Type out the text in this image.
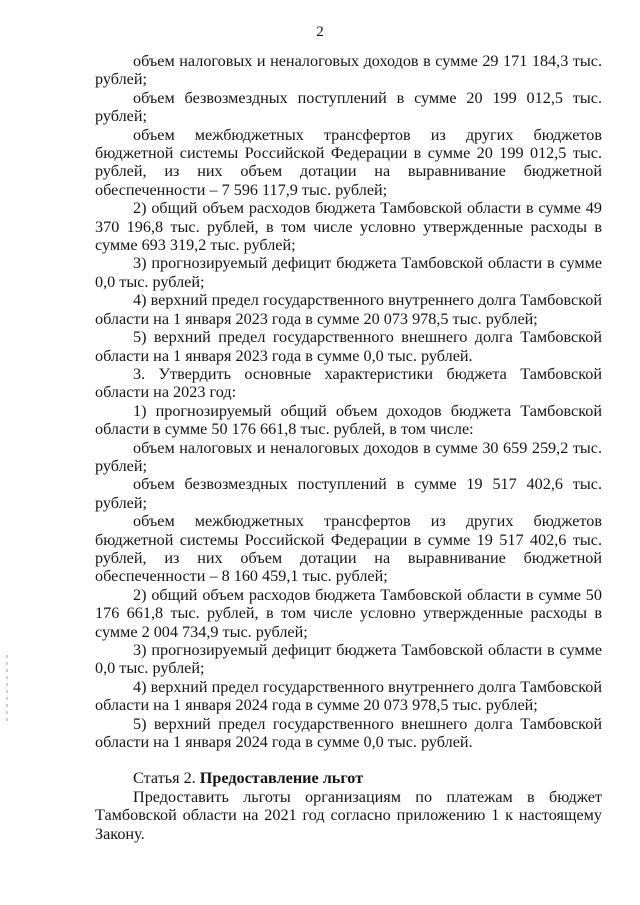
2

объем налоговых и неналоговых доходов в сумме 29 171 184,3 тыс. рублей;

объем безвозмездных поступлений в сумме 20 199 012,5 тыс. рублей;

объем межбюджетных трансфертов из других бюджетов бюджетной системы Российской Федерации в сумме 20 199 012,5 тыс. рублей, из них объем дотации на выравнивание бюджетной обеспеченности – 7 596 117,9 тыс. рублей;

2) общий объем расходов бюджета Тамбовской области в сумме 49 370 196,8 тыс. рублей, в том числе условно утвержденные расходы в сумме 693 319,2 тыс. рублей;

3) прогнозируемый дефицит бюджета Тамбовской области в сумме 0,0 тыс. рублей;

4) верхний предел государственного внутреннего долга Тамбовской области на 1 января 2023 года в сумме 20 073 978,5 тыс. рублей;

5) верхний предел государственного внешнего долга Тамбовской области на 1 января 2023 года в сумме 0,0 тыс. рублей.

3. Утвердить основные характеристики бюджета Тамбовской области на 2023 год:

1) прогнозируемый общий объем доходов бюджета Тамбовской области в сумме 50 176 661,8 тыс. рублей, в том числе:

объем налоговых и неналоговых доходов в сумме 30 659 259,2 тыс. рублей;

объем безвозмездных поступлений в сумме 19 517 402,6 тыс. рублей;

объем межбюджетных трансфертов из других бюджетов бюджетной системы Российской Федерации в сумме 19 517 402,6 тыс. рублей, из них объем дотации на выравнивание бюджетной обеспеченности – 8 160 459,1 тыс. рублей;

2) общий объем расходов бюджета Тамбовской области в сумме 50 176 661,8 тыс. рублей, в том числе условно утвержденные расходы в сумме 2 004 734,9 тыс. рублей;

3) прогнозируемый дефицит бюджета Тамбовской области в сумме 0,0 тыс. рублей;

4) верхний предел государственного внутреннего долга Тамбовской области на 1 января 2024 года в сумме 20 073 978,5 тыс. рублей;

5) верхний предел государственного внешнего долга Тамбовской области на 1 января 2024 года в сумме 0,0 тыс. рублей.

Статья 2. Предоставление льгот

Предоставить льготы организациям по платежам в бюджет Тамбовской области на 2021 год согласно приложению 1 к настоящему Закону.
